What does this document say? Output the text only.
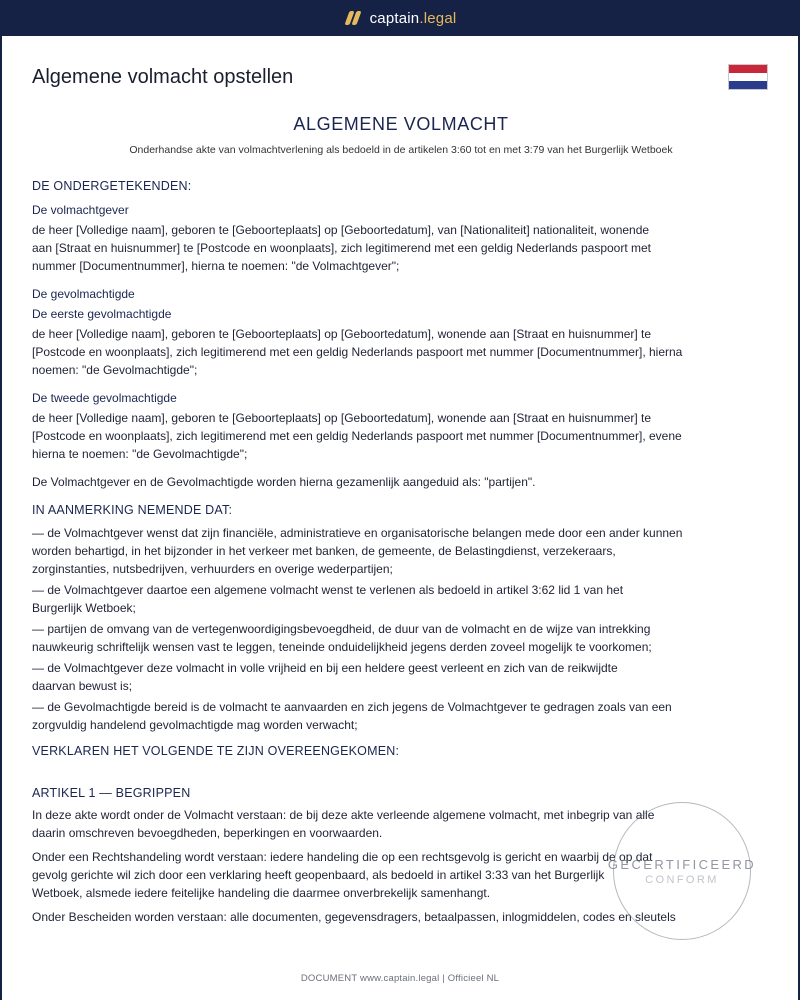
captain.legal
Algemene volmacht opstellen
ALGEMENE VOLMACHT
Onderhandse akte van volmachtverlening als bedoeld in de artikelen 3:60 tot en met 3:79 van het Burgerlijk Wetboek
DE ONDERGETEKENDEN:
De volmachtgever
de heer [Volledige naam], geboren te [Geboorteplaats] op [Geboortedatum], van [Nationaliteit] nationaliteit, wonende
aan [Straat en huisnummer] te [Postcode en woonplaats], zich legitimerend met een geldig Nederlands paspoort met
nummer [Documentnummer], hierna te noemen: "de Volmachtgever";
De gevolmachtigde
De eerste gevolmachtigde
de heer [Volledige naam], geboren te [Geboorteplaats] op [Geboortedatum], wonende aan [Straat en huisnummer] te
[Postcode en woonplaats], zich legitimerend met een geldig Nederlands paspoort met nummer [Documentnummer], hierna
noemen: "de Gevolmachtigde";
De tweede gevolmachtigde
de heer [Volledige naam], geboren te [Geboorteplaats] op [Geboortedatum], wonende aan [Straat en huisnummer] te
[Postcode en woonplaats], zich legitimerend met een geldig Nederlands paspoort met nummer [Documentnummer], evene
hierna te noemen: "de Gevolmachtigde";
De Volmachtgever en de Gevolmachtigde worden hierna gezamenlijk aangeduid als: "partijen".
IN AANMERKING NEMENDE DAT:
— de Volmachtgever wenst dat zijn financiële, administratieve en organisatorische belangen mede door een ander kunnen
worden behartigd, in het bijzonder in het verkeer met banken, de gemeente, de Belastingdienst, verzekeraars,
zorginstanties, nutsbedrijven, verhuurders en overige wederpartijen;
— de Volmachtgever daartoe een algemene volmacht wenst te verlenen als bedoeld in artikel 3:62 lid 1 van het
Burgerlijk Wetboek;
— partijen de omvang van de vertegenwoordigingsbevoegdheid, de duur van de volmacht en de wijze van intrekking
nauwkeurig schriftelijk wensen vast te leggen, teneinde onduidelijkheid jegens derden zoveel mogelijk te voorkomen;
— de Volmachtgever deze volmacht in volle vrijheid en bij een heldere geest verleent en zich van de reikwijdte
daarvan bewust is;
— de Gevolmachtigde bereid is de volmacht te aanvaarden en zich jegens de Volmachtgever te gedragen zoals van een
zorgvuldig handelend gevolmachtigde mag worden verwacht;
VERKLAREN HET VOLGENDE TE ZIJN OVEREENGEKOMEN:
ARTIKEL 1 — BEGRIPPEN
In deze akte wordt onder de Volmacht verstaan: de bij deze akte verleende algemene volmacht, met inbegrip van alle
daarin omschreven bevoegdheden, beperkingen en voorwaarden.
Onder een Rechtshandeling wordt verstaan: iedere handeling die op een rechtsgevolg is gericht en waarbij de op dat
gevolg gerichte wil zich door een verklaring heeft geopenbaard, als bedoeld in artikel 3:33 van het Burgerlijk
Wetboek, alsmede iedere feitelijke handeling die daarmee onverbrekelijk samenhangt.
Onder Bescheiden worden verstaan: alle documenten, gegevensdragers, betaalpassen, inlogmiddelen, codes en sleutels
GECERTIFICEERD
CONFORM
DOCUMENT www.captain.legal | Officieel NL
